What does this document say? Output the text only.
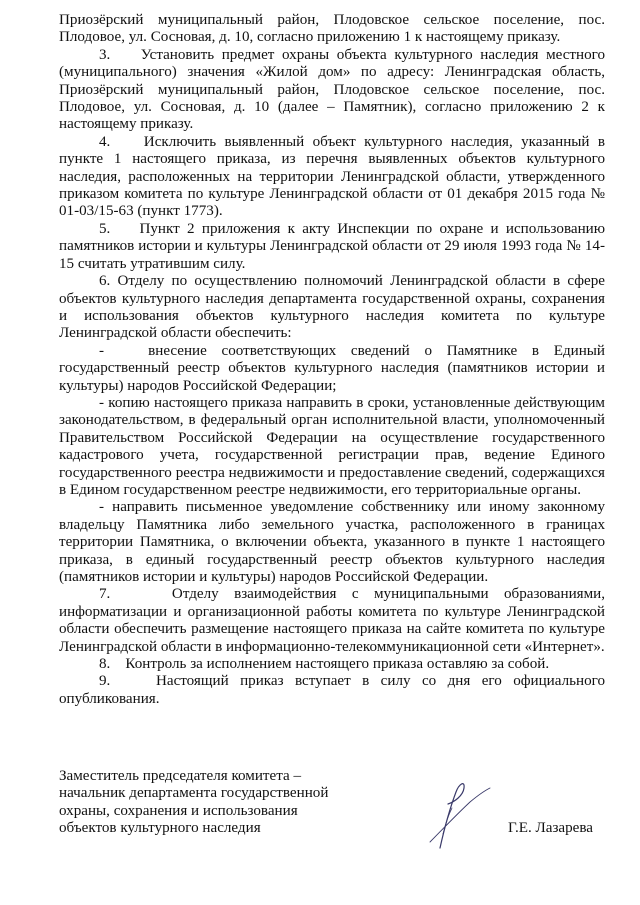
Приозёрский муниципальный район, Плодовское сельское поселение, пос. Плодовое, ул. Сосновая, д. 10, согласно приложению 1 к настоящему приказу.

3.    Установить предмет охраны объекта культурного наследия местного (муниципального) значения «Жилой дом» по адресу: Ленинградская область, Приозёрский муниципальный район, Плодовское сельское поселение, пос. Плодовое, ул. Сосновая, д. 10 (далее – Памятник), согласно приложению 2 к настоящему приказу.

4.    Исключить выявленный объект культурного наследия, указанный в пункте 1 настоящего приказа, из перечня выявленных объектов культурного наследия, расположенных на территории Ленинградской области, утвержденного приказом комитета по культуре Ленинградской области от 01 декабря 2015 года № 01-03/15-63 (пункт 1773).

5.    Пункт 2 приложения к акту Инспекции по охране и использованию памятников истории и культуры Ленинградской области от 29 июля 1993 года № 14-15 считать утратившим силу.

6. Отделу по осуществлению полномочий Ленинградской области в сфере объектов культурного наследия департамента государственной охраны, сохранения и использования объектов культурного наследия комитета по культуре Ленинградской области обеспечить:

-   внесение соответствующих сведений о Памятнике в Единый государственный реестр объектов культурного наследия (памятников истории и культуры) народов Российской Федерации;

- копию настоящего приказа направить в сроки, установленные действующим законодательством, в федеральный орган исполнительной власти, уполномоченный Правительством Российской Федерации на осуществление государственного кадастрового учета, государственной регистрации прав, ведение Единого государственного реестра недвижимости и предоставление сведений, содержащихся в Едином государственном реестре недвижимости, его территориальные органы.

- направить письменное уведомление собственнику или иному законному владельцу Памятника либо земельного участка, расположенного в границах территории Памятника, о включении объекта, указанного в пункте 1 настоящего приказа, в единый государственный реестр объектов культурного наследия (памятников истории и культуры) народов Российской Федерации.

7.    Отделу взаимодействия с муниципальными образованиями, информатизации и организационной работы комитета по культуре Ленинградской области обеспечить размещение настоящего приказа на сайте комитета по культуре Ленинградской области в информационно-телекоммуникационной сети «Интернет».

8.    Контроль за исполнением настоящего приказа оставляю за собой.

9.    Настоящий приказ вступает в силу со дня его официального опубликования.

Заместитель председателя комитета –
начальник департамента государственной
охраны, сохранения и использования
объектов культурного наследия	Г.Е. Лазарева
